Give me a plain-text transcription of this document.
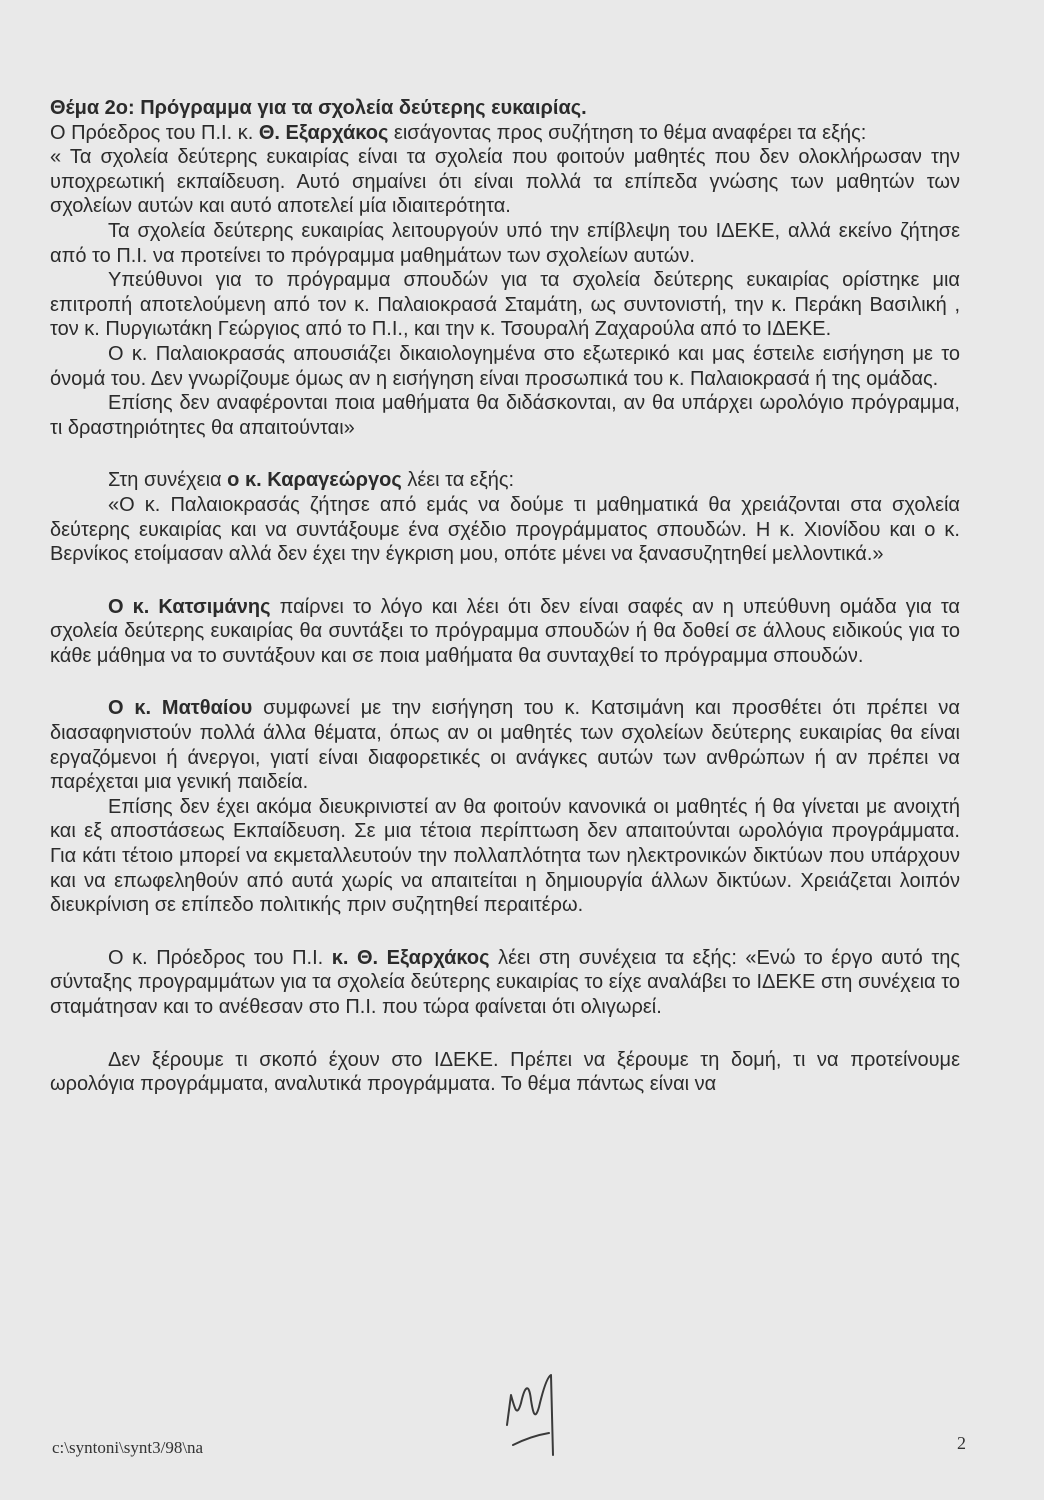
Θέμα 2ο: Πρόγραμμα για τα σχολεία δεύτερης ευκαιρίας.

Ο Πρόεδρος του Π.Ι. κ. Θ. Εξαρχάκος εισάγοντας προς συζήτηση το θέμα αναφέρει τα εξής:

« Τα σχολεία δεύτερης ευκαιρίας είναι τα σχολεία που φοιτούν μαθητές που δεν ολοκλήρωσαν την υποχρεωτική εκπαίδευση. Αυτό σημαίνει ότι είναι πολλά τα επίπεδα γνώσης των μαθητών των σχολείων αυτών και αυτό αποτελεί μία ιδιαιτερότητα.

Τα σχολεία δεύτερης ευκαιρίας λειτουργούν υπό την επίβλεψη του ΙΔΕΚΕ, αλλά εκείνο ζήτησε από το Π.Ι. να προτείνει το πρόγραμμα μαθημάτων των σχολείων αυτών.

Υπεύθυνοι για το πρόγραμμα σπουδών για τα σχολεία δεύτερης ευκαιρίας ορίστηκε μια επιτροπή αποτελούμενη από τον κ. Παλαιοκρασά Σταμάτη, ως συντονιστή, την κ. Περάκη Βασιλική , τον κ. Πυργιωτάκη Γεώργιος από το Π.Ι., και την κ. Τσουραλή Ζαχαρούλα από το ΙΔΕΚΕ.

Ο κ. Παλαιοκρασάς απουσιάζει δικαιολογημένα στο εξωτερικό και μας έστειλε εισήγηση με το όνομά του. Δεν γνωρίζουμε όμως αν η εισήγηση είναι προσωπικά του κ. Παλαιοκρασά ή της ομάδας.

Επίσης δεν αναφέρονται ποια μαθήματα θα διδάσκονται, αν θα υπάρχει ωρολόγιο πρόγραμμα, τι δραστηριότητες θα απαιτούνται»

Στη συνέχεια ο κ. Καραγεώργος λέει τα εξής:

«Ο κ. Παλαιοκρασάς ζήτησε από εμάς να δούμε τι μαθηματικά θα χρειάζονται στα σχολεία δεύτερης ευκαιρίας και να συντάξουμε ένα σχέδιο προγράμματος σπουδών. Η κ. Χιονίδου και ο κ. Βερνίκος ετοίμασαν αλλά δεν έχει την έγκριση μου, οπότε μένει να ξανασυζητηθεί μελλοντικά.»

Ο κ. Κατσιμάνης παίρνει το λόγο και λέει ότι δεν είναι σαφές αν η υπεύθυνη ομάδα για τα σχολεία δεύτερης ευκαιρίας θα συντάξει το πρόγραμμα σπουδών ή θα δοθεί σε άλλους ειδικούς για το κάθε μάθημα να το συντάξουν και σε ποια μαθήματα θα συνταχθεί το πρόγραμμα σπουδών.

Ο κ. Ματθαίου συμφωνεί με την εισήγηση του κ. Κατσιμάνη και προσθέτει ότι πρέπει να διασαφηνιστούν πολλά άλλα θέματα, όπως αν οι μαθητές των σχολείων δεύτερης ευκαιρίας θα είναι εργαζόμενοι ή άνεργοι, γιατί είναι διαφορετικές οι ανάγκες αυτών των ανθρώπων ή αν πρέπει να παρέχεται μια γενική παιδεία.

Επίσης δεν έχει ακόμα διευκρινιστεί αν θα φοιτούν κανονικά οι μαθητές ή θα γίνεται με ανοιχτή και εξ αποστάσεως Εκπαίδευση. Σε μια τέτοια περίπτωση δεν απαιτούνται ωρολόγια προγράμματα. Για κάτι τέτοιο μπορεί να εκμεταλλευτούν την πολλαπλότητα των ηλεκτρονικών δικτύων που υπάρχουν και να επωφεληθούν από αυτά χωρίς να απαιτείται η δημιουργία άλλων δικτύων. Χρειάζεται λοιπόν διευκρίνιση σε επίπεδο πολιτικής πριν συζητηθεί περαιτέρω.

Ο κ. Πρόεδρος του Π.Ι. κ. Θ. Εξαρχάκος λέει στη συνέχεια τα εξής: «Ενώ το έργο αυτό της σύνταξης προγραμμάτων για τα σχολεία δεύτερης ευκαιρίας το είχε αναλάβει το ΙΔΕΚΕ στη συνέχεια το σταμάτησαν και το ανέθεσαν στο Π.Ι. που τώρα φαίνεται ότι ολιγωρεί.

Δεν ξέρουμε τι σκοπό έχουν στο ΙΔΕΚΕ. Πρέπει να ξέρουμε τη δομή, τι να προτείνουμε ωρολόγια προγράμματα, αναλυτικά προγράμματα. Το θέμα πάντως είναι να

c:\syntoni\synt3/98\na	2
